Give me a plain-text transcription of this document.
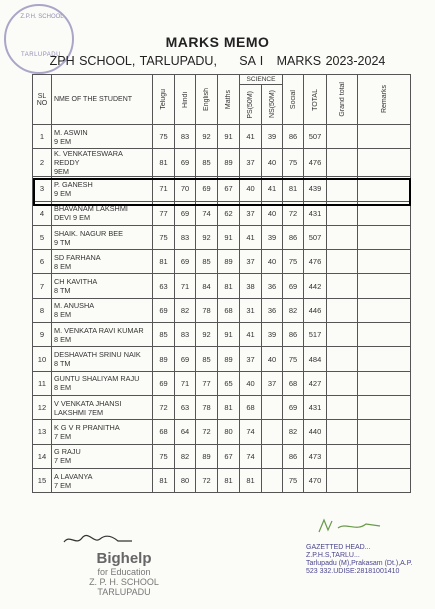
Z.P.H. SCHOOL
TARLUPADU
MARKS MEMO
ZPH SCHOOL, TARLUPADU,     SA I   MARKS 2023-2024
SL NO	NME OF THE STUDENT	Telugu	Hindi	English	Maths	SCIENCE		Social	TOTAL	Grand total	Remarks

						PS(50M)	NS(50M)				

1	M. ASWIN
9 EM	75	83	92	91	41	39	86	507		
2	K. VENKATESWARA REDDY
9EM	81	69	85	89	37	40	75	476		
3	P. GANESH
9 EM	71	70	69	67	40	41	81	439		
4	BHAVANAM LAKSHMI
DEVI 9 EM	77	69	74	62	37	40	72	431		
5	SHAIK. NAGUR BEE
9 TM	75	83	92	91	41	39	86	507		
6	SD FARHANA
8 EM	81	69	85	89	37	40	75	476		
7	CH KAVITHA
8 TM	63	71	84	81	38	36	69	442		
8	M. ANUSHA
8 EM	69	82	78	68	31	36	82	446		
9	M. VENKATA RAVI KUMAR
8 EM	85	83	92	91	41	39	86	517		
10	DESHAVATH SRINU NAIK
8 TM	89	69	85	89	37	40	75	484		
11	GUNTU SHALIYAM RAJU
8 EM	69	71	77	65	40	37	68	427		
12	V VENKATA JHANSI
LAKSHMI 7EM	72	63	78	81	68		69	431		
13	K G V R PRANITHA
7 EM	68	64	72	80	74		82	440		
14	G RAJU
7 EM	75	82	89	67	74		86	473		
15	A LAVANYA
7 EM	81	80	72	81	81		75	470		
Bighelp
for Education
Z. P. H. SCHOOL
TARLUPADU
GAZETTED HEAD...
Z.P.H.S,TARLU...
Tarlupadu (M),Prakasam (Dt.),A.P.
523 332.UDISE:28181001410
